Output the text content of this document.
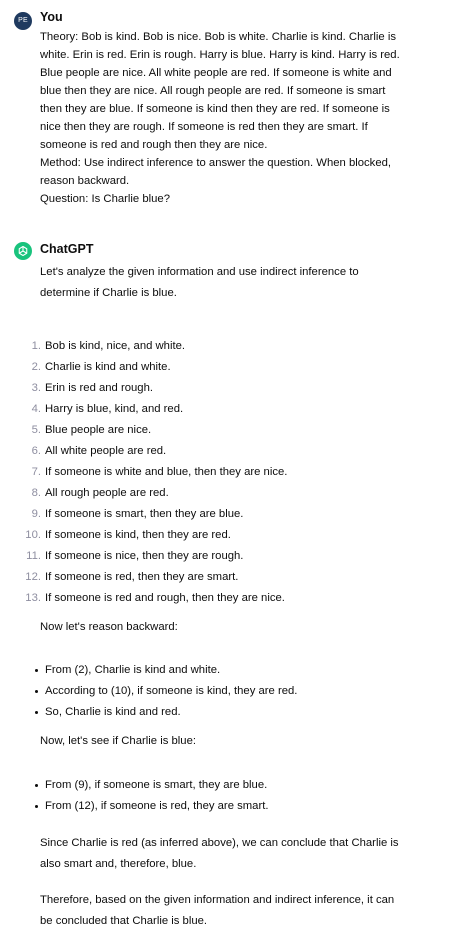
PE You
Theory: Bob is kind. Bob is nice. Bob is white. Charlie is kind. Charlie is
white. Erin is red. Erin is rough. Harry is blue. Harry is kind. Harry is red.
Blue people are nice. All white people are red. If someone is white and
blue then they are nice. All rough people are red. If someone is smart
then they are blue. If someone is kind then they are red. If someone is
nice then they are rough. If someone is red then they are smart. If
someone is red and rough then they are nice.
Method: Use indirect inference to answer the question. When blocked,
reason backward.
Question: Is Charlie blue?
ChatGPT
Let's analyze the given information and use indirect inference to
determine if Charlie is blue.
1. Bob is kind, nice, and white.
2. Charlie is kind and white.
3. Erin is red and rough.
4. Harry is blue, kind, and red.
5. Blue people are nice.
6. All white people are red.
7. If someone is white and blue, then they are nice.
8. All rough people are red.
9. If someone is smart, then they are blue.
10. If someone is kind, then they are red.
11. If someone is nice, then they are rough.
12. If someone is red, then they are smart.
13. If someone is red and rough, then they are nice.
Now let's reason backward:
From (2), Charlie is kind and white.
According to (10), if someone is kind, they are red.
So, Charlie is kind and red.
Now, let's see if Charlie is blue:
From (9), if someone is smart, they are blue.
From (12), if someone is red, they are smart.
Since Charlie is red (as inferred above), we can conclude that Charlie is
also smart and, therefore, blue.
Therefore, based on the given information and indirect inference, it can
be concluded that Charlie is blue.
